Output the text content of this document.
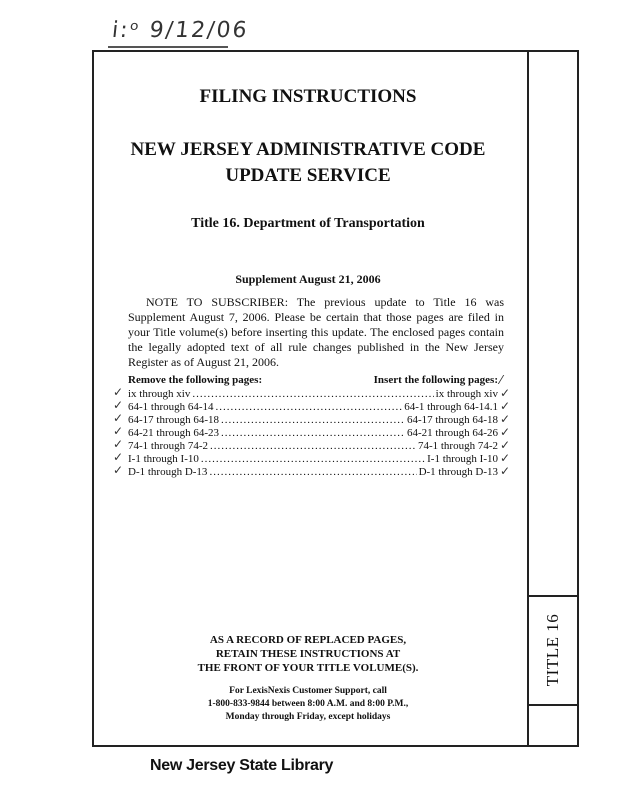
i:ᵒ 9/12/06
TITLE 16
FILING INSTRUCTIONS
NEW JERSEY ADMINISTRATIVE CODE
UPDATE SERVICE
Title 16. Department of Transportation
Supplement August 21, 2006
NOTE TO SUBSCRIBER: The previous update to Title 16 was Supplement August 7, 2006. Please be certain that those pages are filed in your Title volume(s) before inserting this update. The enclosed pages contain the legally adopted text of all rule changes published in the New Jersey Register as of August 21, 2006.
Remove the following pages:	Insert the following pages:
ix through xiv .....	ix through xiv
64-1 through 64-14 .....	64-1 through 64-14.1
64-17 through 64-18 .....	64-17 through 64-18
64-21 through 64-23 .....	64-21 through 64-26
74-1 through 74-2 .....	74-1 through 74-2
I-1 through I-10 .....	I-1 through I-10
D-1 through D-13 .....	D-1 through D-13
✓
✓
✓
✓
✓
✓
✓
⁄
✓
✓
✓
✓
✓
✓
✓
AS A RECORD OF REPLACED PAGES,
RETAIN THESE INSTRUCTIONS AT
THE FRONT OF YOUR TITLE VOLUME(S).
For LexisNexis Customer Support, call
1-800-833-9844 between 8:00 A.M. and 8:00 P.M.,
Monday through Friday, except holidays
New Jersey State Library
